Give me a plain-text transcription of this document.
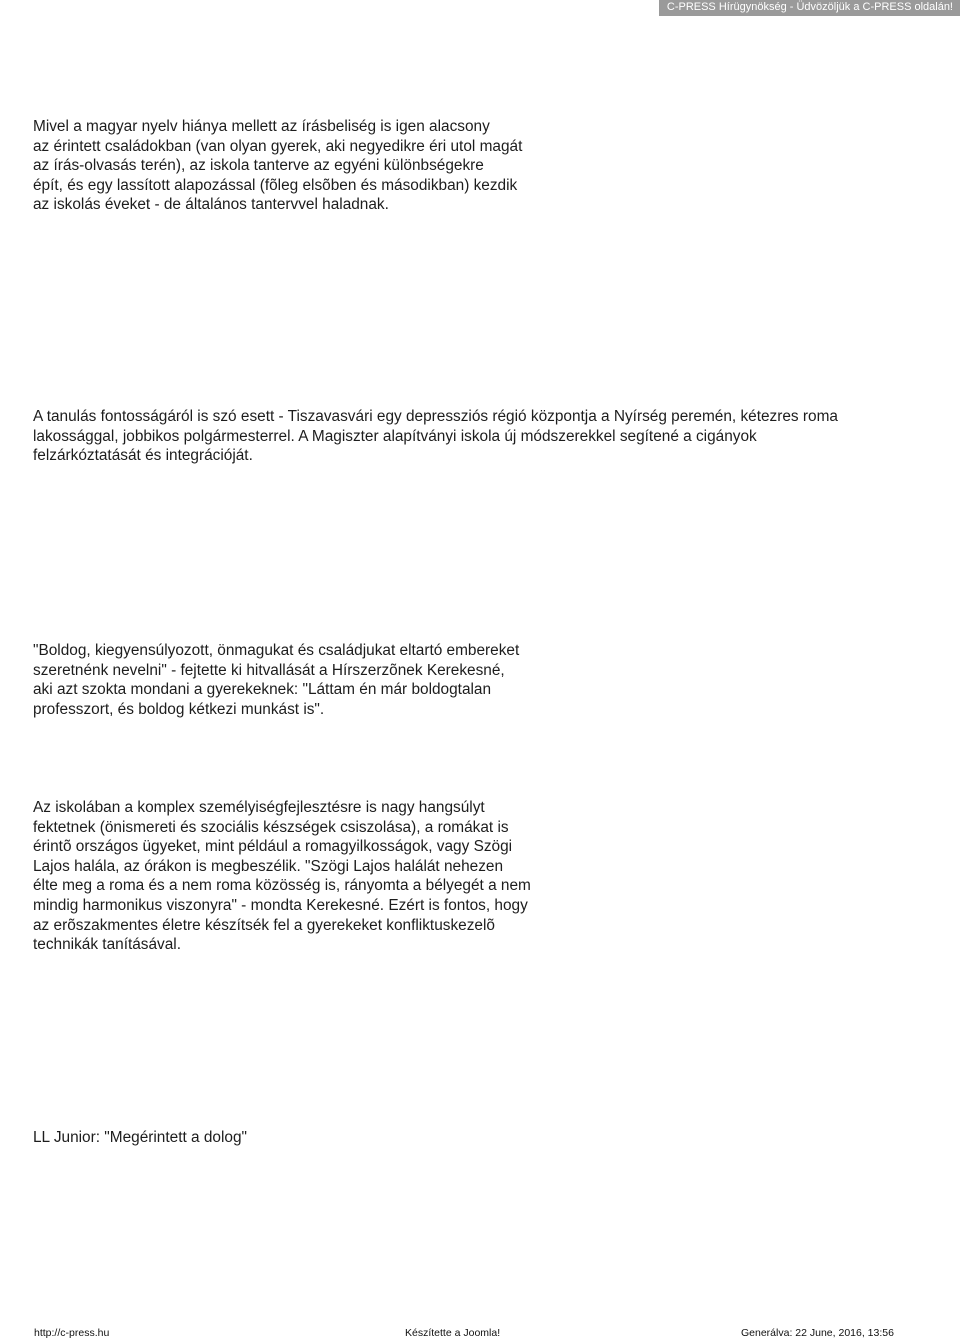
C-PRESS Hírügynökség - Üdvözöljük a C-PRESS oldalán!
Mivel a magyar nyelv hiánya mellett az írásbeliség is igen alacsony
az érintett családokban (van olyan gyerek, aki negyedikre éri utol magát
az írás-olvasás terén), az iskola tanterve az egyéni különbségekre
épít, és egy lassított alapozással (fõleg elsõben és másodikban) kezdik
az iskolás éveket - de általános tantervvel haladnak.
A tanulás fontosságáról is szó esett - Tiszavasvári egy depressziós régió központja a Nyírség peremén, kétezres roma
lakossággal, jobbikos polgármesterrel. A Magiszter alapítványi iskola új módszerekkel segítené a cigányok
felzárkóztatását és integrációját.
"Boldog, kiegyensúlyozott, önmagukat és családjukat eltartó embereket
szeretnénk nevelni" - fejtette ki hitvallását a Hírszerzõnek Kerekesné,
aki azt szokta mondani a gyerekeknek: "Láttam én már boldogtalan
professzort, és boldog kétkezi munkást is".
Az iskolában a komplex személyiségfejlesztésre is nagy hangsúlyt
fektetnek (önismereti és szociális készségek csiszolása), a romákat is
érintõ országos ügyeket, mint például a romagyilkosságok, vagy Szögi
Lajos halála, az órákon is megbeszélik. "Szögi Lajos halálát nehezen
élte meg a roma és a nem roma közösség is, rányomta a bélyegét a nem
mindig harmonikus viszonyra" - mondta Kerekesné. Ezért is fontos, hogy
az erõszakmentes életre készítsék fel a gyerekeket konfliktuskezelõ
technikák tanításával.
LL Junior: "Megérintett a dolog"
http://c-press.hu	Készítette a Joomla!	Generálva: 22 June, 2016, 13:56
